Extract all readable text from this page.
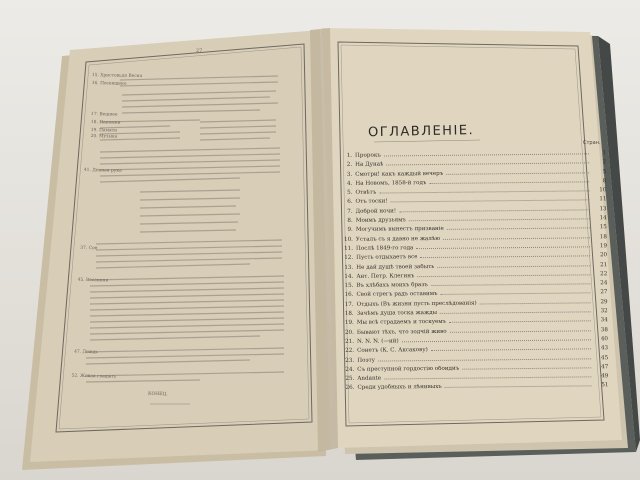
27
15. Христовьдя Весна
16. Посвящено
17. Вешнее
18. Напомни
19. Памяти
20. Музыка
41. Дивная рука
37. Сон
45. Весенняя
47. Дождь
52. Живая глашать
КОНЕЦ.
ОГЛАВЛЕНІЕ.
Стран.
1. Пророкъ	1
2. На Дунаѣ	2
3. Смотри! какъ каждый вечеръ	5
4. На Новомъ, 1858-й годъ	8
5. Отвѣтъ	10
6. Отъ тоски!	11
7. Доброй ночи!	13
8. Моимъ друзьямъ	14
9. Могучимъ вынестъ призваніе	15
10. Усталъ съ я давно не жалѣю	18
11. Послѣ 1849-го года	19
12. Пусть отдыхаетъ все	20
13. Не дай душѣ твоей забыть	21
14. Ант. Петр. Клегинъ	22
15. Въ хлѣбахъ моихъ бразъ	24
16. Свой стрегъ радъ оставимъ	27
17. Отдыхъ (Въ жизни пусть преслѣдованія)	29
18. Зачѣмъ душа тоска жажды	32
19. Мы всѣ страдаемъ и тоскуемъ	34
20. Бывают тѣхъ, что зодчій живо	38
21. N. N. N. (—ий)	40
22. Сонетъ (К. С. Аксакову)	43
23. Поэту	45
24. Съ преступной гордостію обоидиъ	47
25. Andante	49
26. Среди удобныхъ и лѣнивыхъ	51
